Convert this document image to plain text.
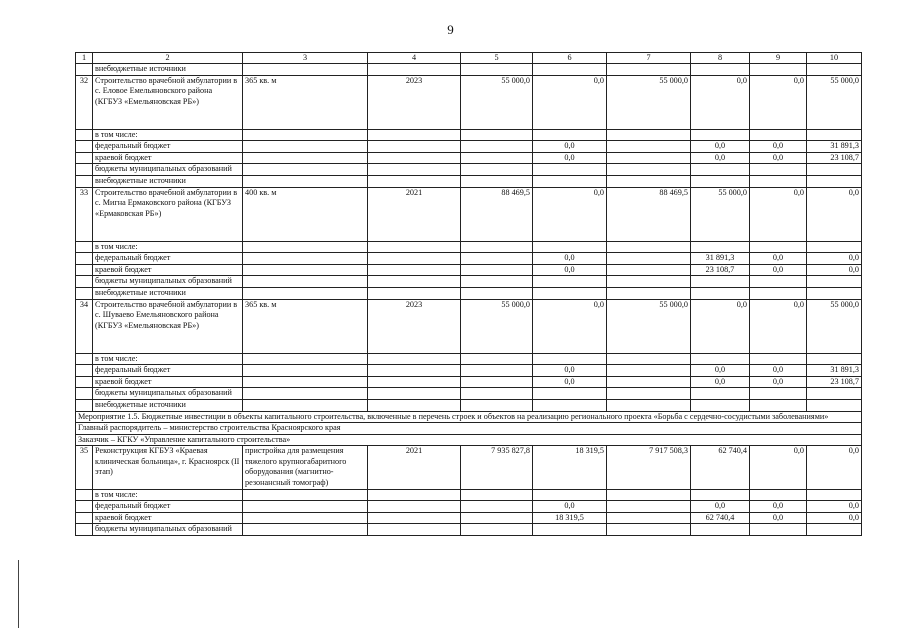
9
1	2	3	4	5	6	7	8	9	10
	внебюджетные источники								
32	Строительство врачебной амбулатории в с. Еловое Емельяновского района (КГБУЗ «Емельяновская РБ»)	365 кв. м	2023	55 000,0	0,0	55 000,0	0,0	0,0	55 000,0
	в том числе:								
	федеральный бюджет				0,0		0,0	0,0	31 891,3
	краевой бюджет				0,0		0,0	0,0	23 108,7
	бюджеты муниципальных образований								
	внебюджетные источники								
33	Строительство врачебной амбулатории в с. Мигна Ермаковского района (КГБУЗ «Ермаковская РБ»)	400 кв. м	2021	88 469,5	0,0	88 469,5	55 000,0	0,0	0,0
	в том числе:								
	федеральный бюджет				0,0		31 891,3	0,0	0,0
	краевой бюджет				0,0		23 108,7	0,0	0,0
	бюджеты муниципальных образований								
	внебюджетные источники								
34	Строительство врачебной амбулатории в с. Шуваево Емельяновского района (КГБУЗ «Емельяновская РБ»)	365 кв. м	2023	55 000,0	0,0	55 000,0	0,0	0,0	55 000,0
	в том числе:								
	федеральный бюджет				0,0		0,0	0,0	31 891,3
	краевой бюджет				0,0		0,0	0,0	23 108,7
	бюджеты муниципальных образований								
	внебюджетные источники								
Мероприятие 1.5. Бюджетные инвестиции в объекты капитального строительства, включенные в перечень строек и объектов на реализацию регионального проекта «Борьба с сердечно-сосудистыми заболеваниями»									
Главный распорядитель – министерство строительства Красноярского края									
Заказчик – КГКУ «Управление капитального строительства»									
35	Реконструкция КГБУЗ «Краевая клиническая больница», г. Красноярск (II этап)	пристройка для размещения тяжелого крупногабаритного оборудования (магнитно-резонансный томограф)	2021	7 935 827,8	18 319,5	7 917 508,3	62 740,4	0,0	0,0
	в том числе:								
	федеральный бюджет				0,0		0,0	0,0	0,0
	краевой бюджет				18 319,5		62 740,4	0,0	0,0
	бюджеты муниципальных образований								
